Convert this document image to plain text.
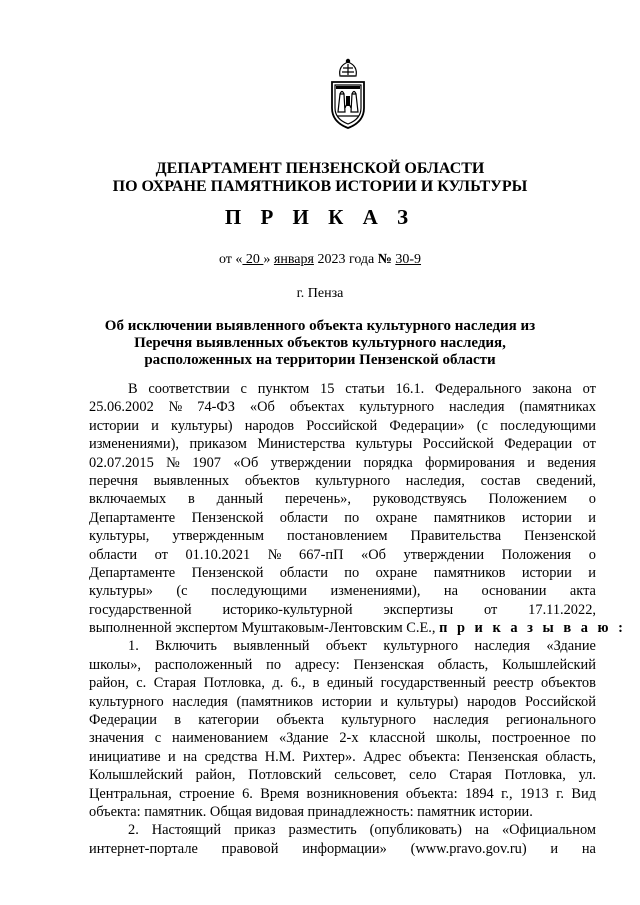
ДЕПАРТАМЕНТ ПЕНЗЕНСКОЙ ОБЛАСТИ
ПО ОХРАНЕ ПАМЯТНИКОВ ИСТОРИИ И КУЛЬТУРЫ
П Р И К А З
от « 20 » января 2023 года № 30-9
г. Пенза
Об исключении выявленного объекта культурного наследия из
Перечня выявленных объектов культурного наследия,
расположенных на территории Пензенской области
В соответствии с пунктом 15 статьи 16.1. Федерального закона от
25.06.2002 № 74-ФЗ «Об объектах культурного наследия (памятниках
истории и культуры) народов Российской Федерации» (с последующими
изменениями), приказом Министерства культуры Российской Федерации от
02.07.2015 № 1907 «Об утверждении порядка формирования и ведения
перечня выявленных объектов культурного наследия, состав сведений,
включаемых в данный перечень», руководствуясь Положением о
Департаменте Пензенской области по охране памятников истории и
культуры, утвержденным постановлением Правительства Пензенской
области от 01.10.2021 № 667-пП «Об утверждении Положения о
Департаменте Пензенской области по охране памятников истории и
культуры» (с последующими изменениями), на основании акта
государственной историко-культурной экспертизы от 17.11.2022,
выполненной экспертом Муштаковым-Лентовским С.Е., п р и к а з ы в а ю :
1. Включить выявленный объект культурного наследия «Здание
школы», расположенный по адресу: Пензенская область, Колышлейский
район, с. Старая Потловка, д. 6., в единый государственный реестр объектов
культурного наследия (памятников истории и культуры) народов Российской
Федерации в категории объекта культурного наследия регионального
значения с наименованием «Здание 2-х классной школы, построенное по
инициативе и на средства Н.М. Рихтер». Адрес объекта: Пензенская область,
Колышлейский район, Потловский сельсовет, село Старая Потловка, ул.
Центральная, строение 6. Время возникновения объекта: 1894 г., 1913 г. Вид
объекта: памятник. Общая видовая принадлежность: памятник истории.
2. Настоящий приказ разместить (опубликовать) на «Официальном
интернет-портале правовой информации» (www.pravo.gov.ru) и на
